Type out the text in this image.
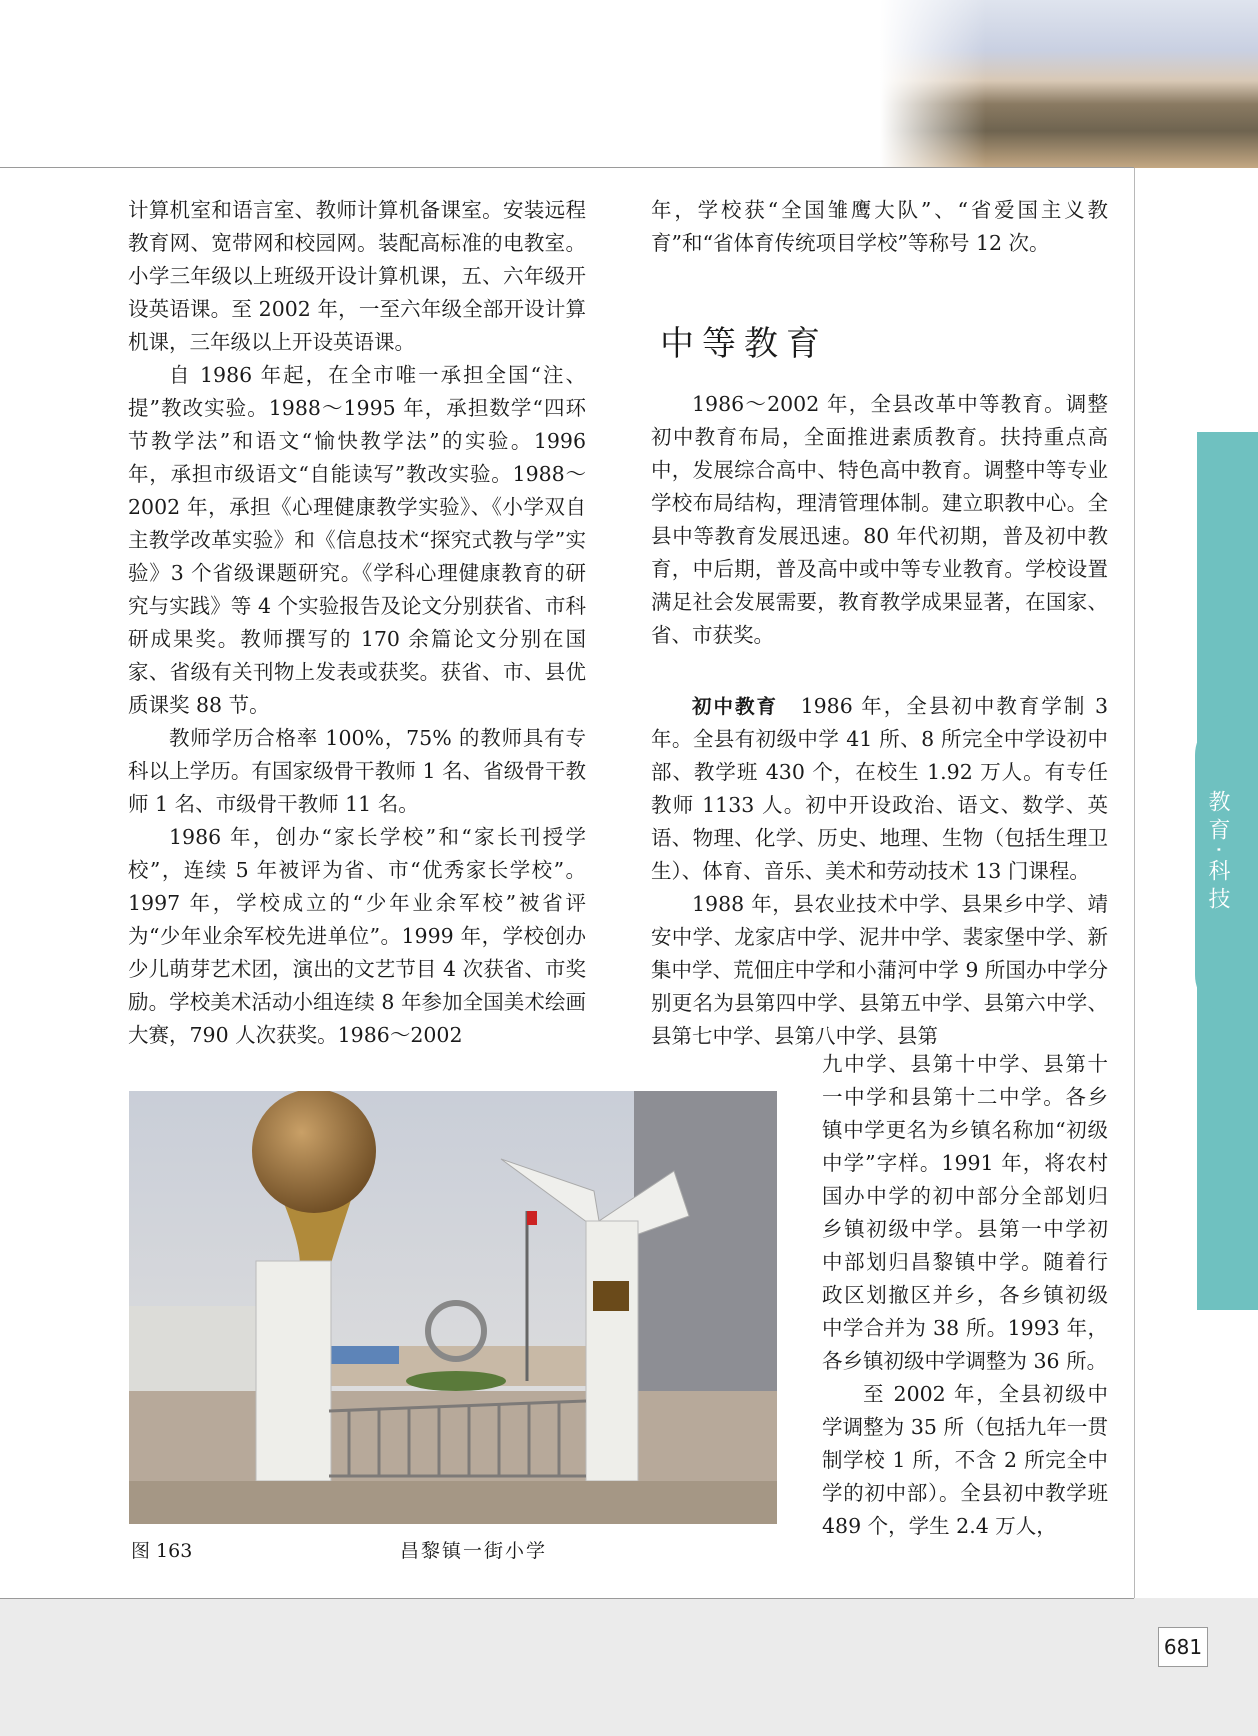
教育·科技

计算机室和语言室、教师计算机备课室。安装远程教育网、宽带网和校园网。装配高标准的电教室。小学三年级以上班级开设计算机课，五、六年级开设英语课。至 2002 年，一至六年级全部开设计算机课，三年级以上开设英语课。

自 1986 年起，在全市唯一承担全国“注、提”教改实验。1988～1995 年，承担数学“四环节教学法”和语文“愉快教学法”的实验。1996 年，承担市级语文“自能读写”教改实验。1988～2002 年，承担《心理健康教学实验》、《小学双自主教学改革实验》和《信息技术“探究式教与学”实验》3 个省级课题研究。《学科心理健康教育的研究与实践》等 4 个实验报告及论文分别获省、市科研成果奖。教师撰写的 170 余篇论文分别在国家、省级有关刊物上发表或获奖。获省、市、县优质课奖 88 节。

教师学历合格率 100%，75% 的教师具有专科以上学历。有国家级骨干教师 1 名、省级骨干教师 1 名、市级骨干教师 11 名。

1986 年，创办“家长学校”和“家长刊授学校”，连续 5 年被评为省、市“优秀家长学校”。1997 年，学校成立的“少年业余军校”被省评为“少年业余军校先进单位”。1999 年，学校创办少儿萌芽艺术团，演出的文艺节目 4 次获省、市奖励。学校美术活动小组连续 8 年参加全国美术绘画大赛，790 人次获奖。1986～2002

年，学校获“全国雏鹰大队”、“省爱国主义教育”和“省体育传统项目学校”等称号 12 次。

中等教育

1986～2002 年，全县改革中等教育。调整初中教育布局，全面推进素质教育。扶持重点高中，发展综合高中、特色高中教育。调整中等专业学校布局结构，理清管理体制。建立职教中心。全县中等教育发展迅速。80 年代初期，普及初中教育，中后期，普及高中或中等专业教育。学校设置满足社会发展需要，教育教学成果显著，在国家、省、市获奖。

初中教育　 1986 年，全县初中教育学制 3 年。全县有初级中学 41 所、8 所完全中学设初中部、教学班 430 个，在校生 1.92 万人。有专任教师 1133 人。初中开设政治、语文、数学、英语、物理、化学、历史、地理、生物（包括生理卫生）、体育、音乐、美术和劳动技术 13 门课程。

1988 年，县农业技术中学、县果乡中学、靖安中学、龙家店中学、泥井中学、裴家堡中学、新集中学、荒佃庄中学和小蒲河中学 9 所国办中学分别更名为县第四中学、县第五中学、县第六中学、县第七中学、县第八中学、县第

九中学、县第十中学、县第十一中学和县第十二中学。各乡镇中学更名为乡镇名称加“初级中学”字样。1991 年，将农村国办中学的初中部分全部划归乡镇初级中学。县第一中学初中部划归昌黎镇中学。随着行政区划撤区并乡，各乡镇初级中学合并为 38 所。1993 年，各乡镇初级中学调整为 36 所。

至 2002 年，全县初级中学调整为 35 所（包括九年一贯制学校 1 所，不含 2 所完全中学的初中部）。全县初中教学班 489 个，学生 2.4 万人，

图 163	昌黎镇一街小学
681
